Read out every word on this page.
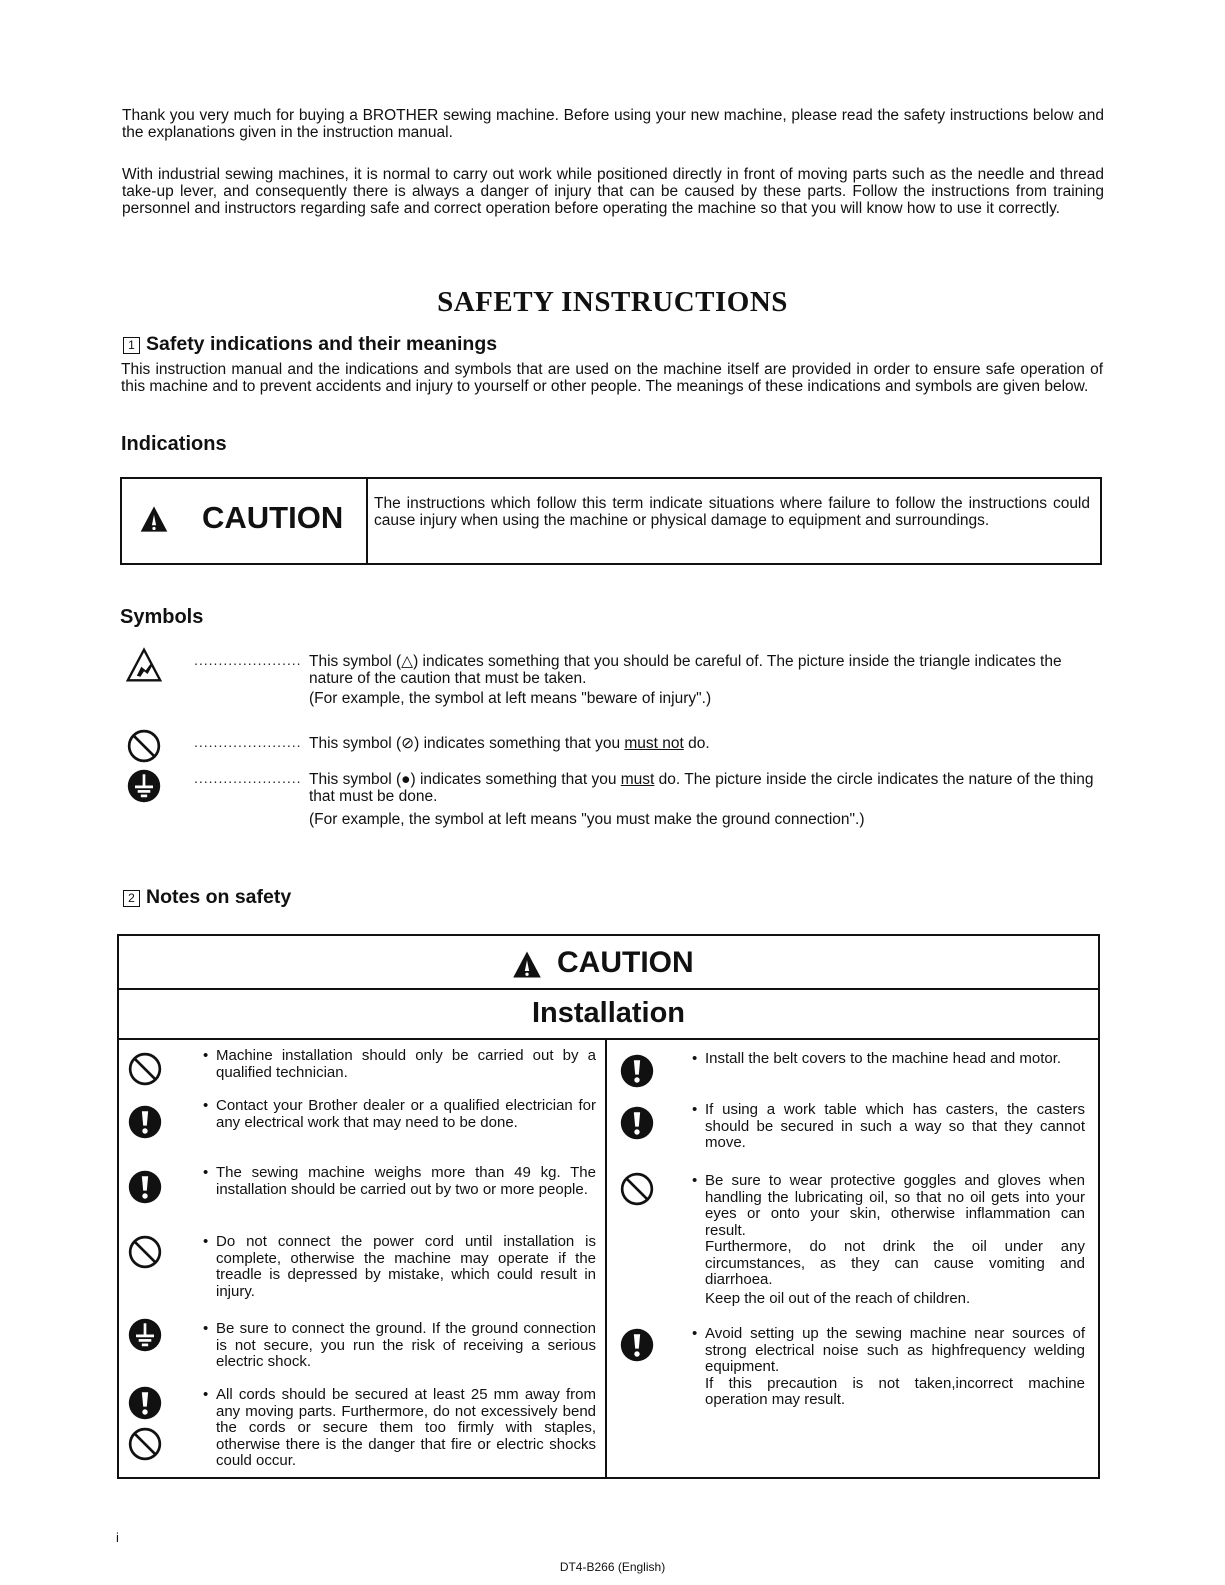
Thank you very much for buying a BROTHER sewing machine. Before using your new machine, please read the safety instructions below and the explanations given in the instruction manual.
With industrial sewing machines, it is normal to carry out work while positioned directly in front of moving parts such as the needle and thread take-up lever, and consequently there is always a danger of injury that can be caused by these parts. Follow the instructions from training personnel and instructors regarding safe and correct operation before operating the machine so that you will know how to use it correctly.
SAFETY INSTRUCTIONS
1 Safety indications and their meanings
This instruction manual and the indications and symbols that are used on the machine itself are provided in order to ensure safe operation of this machine and to prevent accidents and injury to yourself or other people. The meanings of these indications and symbols are given below.
Indications
CAUTION The instructions which follow this term indicate situations where failure to follow the instructions could cause injury when using the machine or physical damage to equipment and surroundings.
Symbols
...................... This symbol (△) indicates something that you should be careful of. The picture inside the triangle indicates the nature of the caution that must be taken.
(For example, the symbol at left means "beware of injury".)
...................... This symbol (⊘) indicates something that you must not do.
...................... This symbol (●) indicates something that you must do. The picture inside the circle indicates the nature of the thing that must be done.
(For example, the symbol at left means "you must make the ground connection".)
2 Notes on safety
CAUTION
Installation
• Machine installation should only be carried out by a qualified technician.
• Contact your Brother dealer or a qualified electrician for any electrical work that may need to be done.
• The sewing machine weighs more than 49 kg. The installation should be carried out by two or more people.
• Do not connect the power cord until installation is complete, otherwise the machine may operate if the treadle is depressed by mistake, which could result in injury.
• Be sure to connect the ground. If the ground connection is not secure, you run the risk of receiving a serious electric shock.
• All cords should be secured at least 25 mm away from any moving parts. Furthermore, do not excessively bend the cords or secure them too firmly with staples, otherwise there is the danger that fire or electric shocks could occur.
• Install the belt covers to the machine head and motor.
• If using a work table which has casters, the casters should be secured in such a way so that they cannot move.
• Be sure to wear protective goggles and gloves when handling the lubricating oil, so that no oil gets into your eyes or onto your skin, otherwise inflammation can result.
Furthermore, do not drink the oil under any circumstances, as they can cause vomiting and diarrhoea.
Keep the oil out of the reach of children.
• Avoid setting up the sewing machine near sources of strong electrical noise such as highfrequency welding equipment.
If this precaution is not taken,incorrect machine operation may result.
i
DT4-B266 (English)
